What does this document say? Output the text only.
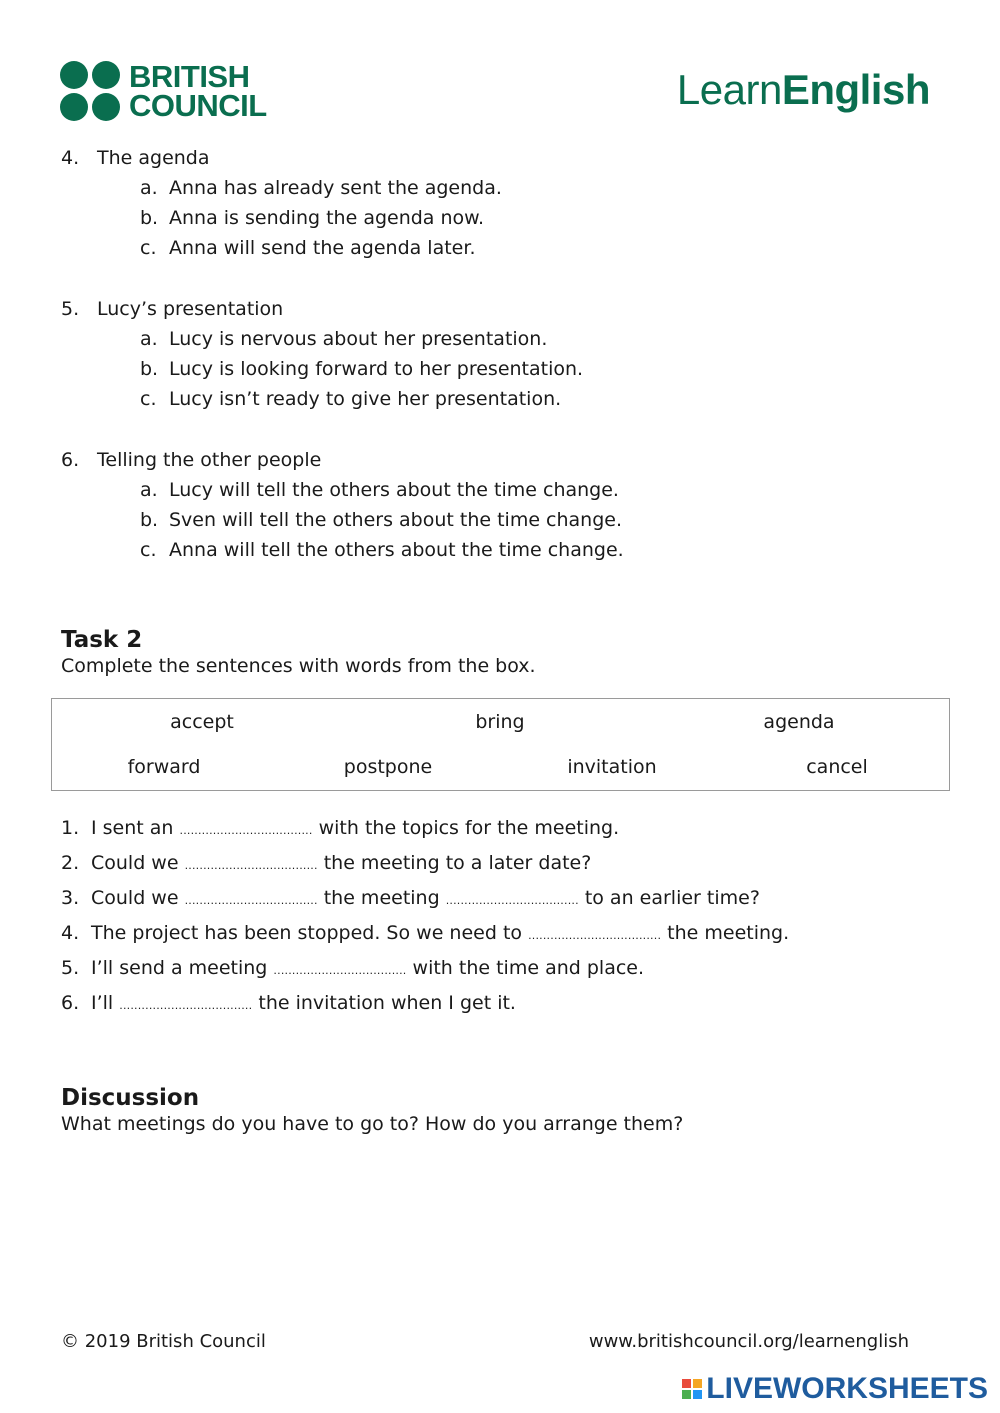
BRITISH
COUNCIL	LearnEnglish
4. The agenda
a. Anna has already sent the agenda.
b. Anna is sending the agenda now.
c. Anna will send the agenda later.
5. Lucy’s presentation
a. Lucy is nervous about her presentation.
b. Lucy is looking forward to her presentation.
c. Lucy isn’t ready to give her presentation.
6. Telling the other people
a. Lucy will tell the others about the time change.
b. Sven will tell the others about the time change.
c. Anna will tell the others about the time change.
Task 2
Complete the sentences with words from the box.
accept	bring	agenda
forward	postpone	invitation	cancel
1. I sent an .................................... with the topics for the meeting.
2. Could we .................................... the meeting to a later date?
3. Could we .................................... the meeting .................................... to an earlier time?
4. The project has been stopped. So we need to .................................... the meeting.
5. I’ll send a meeting .................................... with the time and place.
6. I’ll .................................... the invitation when I get it.
Discussion
What meetings do you have to go to? How do you arrange them?
© 2019 British Council	www.britishcouncil.org/learnenglish
LIVEWORKSHEETS
